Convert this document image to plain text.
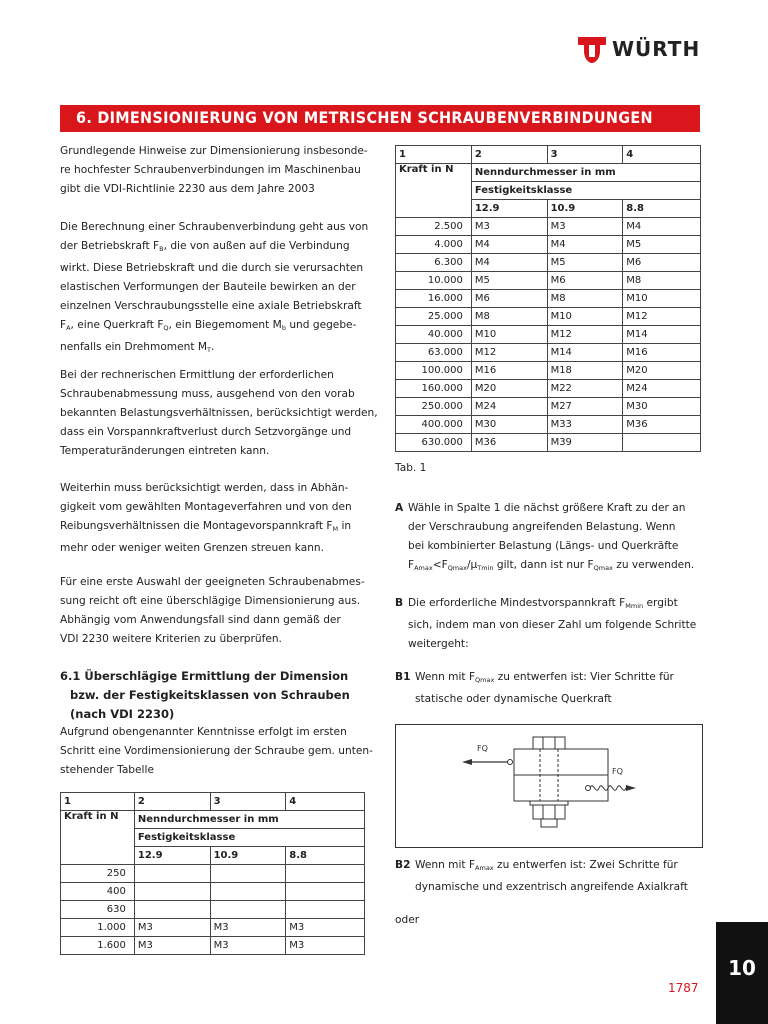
WÜRTH
6. DIMENSIONIERUNG VON METRISCHEN SCHRAUBENVERBINDUNGEN

Grundlegende Hinweise zur Dimensionierung insbesonde-

re hochfester Schraubenverbindungen im Maschinenbau

gibt die VDI-Richtlinie 2230 aus dem Jahre 2003

Die Berechnung einer Schraubenverbindung geht aus von

der Betriebskraft $F_B$, die von außen auf die Verbindung

wirkt. Diese Betriebskraft und die durch sie verursachten

elastischen Verformungen der Bauteile bewirken an der

einzelnen Verschraubungsstelle eine axiale Betriebskraft

$F_A$, eine Querkraft $F_Q$, ein Biegemoment $M_b$ und gegebe-

nenfalls ein Drehmoment $M_T$.

Bei der rechnerischen Ermittlung der erforderlichen

Schraubenabmessung muss, ausgehend von den vorab

bekannten Belastungsverhältnissen, berücksichtigt werden,

dass ein Vorspannkraftverlust durch Setzvorgänge und

Temperaturänderungen eintreten kann.

Weiterhin muss berücksichtigt werden, dass in Abhän-

gigkeit vom gewählten Montageverfahren und von den

Reibungsverhältnissen die Montagevorspannkraft $F_M$ in

mehr oder weniger weiten Grenzen streuen kann.

Für eine erste Auswahl der geeigneten Schraubenabmes-

sung reicht oft eine überschlägige Dimensionierung aus.

Abhängig vom Anwendungsfall sind dann gemäß der

VDI 2230 weitere Kriterien zu überprüfen.

6.1 Überschlägige Ermittlung der Dimension
bzw. der Festigkeitsklassen von Schrauben
(nach VDI 2230)

Aufgrund obengenannter Kenntnisse erfolgt im ersten

Schritt eine Vordimensionierung der Schraube gem. unten-

stehender Tabelle

1	2	3	4
Kraft in N	Nenndurchmesser in mm		
	Festigkeitsklasse		
	12.9	10.9	8.8
250			
400			
630			
1.000	M3	M3	M3
1.600	M3	M3	M3
1	2	3	4
Kraft in N	Nenndurchmesser in mm		
	Festigkeitsklasse		
	12.9	10.9	8.8
2.500	M3	M3	M4
4.000	M4	M4	M5
6.300	M4	M5	M6
10.000	M5	M6	M8
16.000	M6	M8	M10
25.000	M8	M10	M12
40.000	M10	M12	M14
63.000	M12	M14	M16
100.000	M16	M18	M20
160.000	M20	M22	M24
250.000	M24	M27	M30
400.000	M30	M33	M36
630.000	M36	M39	
Tab. 1
A Wähle in Spalte 1 die nächst größere Kraft zu der an
der Verschraubung angreifenden Belastung. Wenn
bei kombinierter Belastung (Längs- und Querkräfte
$F_{Amax}<F_{Qmax}/\mu_{Tmin}$ gilt, dann ist nur $F_{Qmax}$ zu verwenden.
B Die erforderliche Mindestvorspannkraft $F_{Mmin}$ ergibt
sich, indem man von dieser Zahl um folgende Schritte
weitergeht:
B1 Wenn mit $F_{Qmax}$ zu entwerfen ist: Vier Schritte für
statische oder dynamische Querkraft
FQ
FQ
B2 Wenn mit $F_{Amax}$ zu entwerfen ist: Zwei Schritte für
dynamische und exzentrisch angreifende Axialkraft
oder
10
1787
